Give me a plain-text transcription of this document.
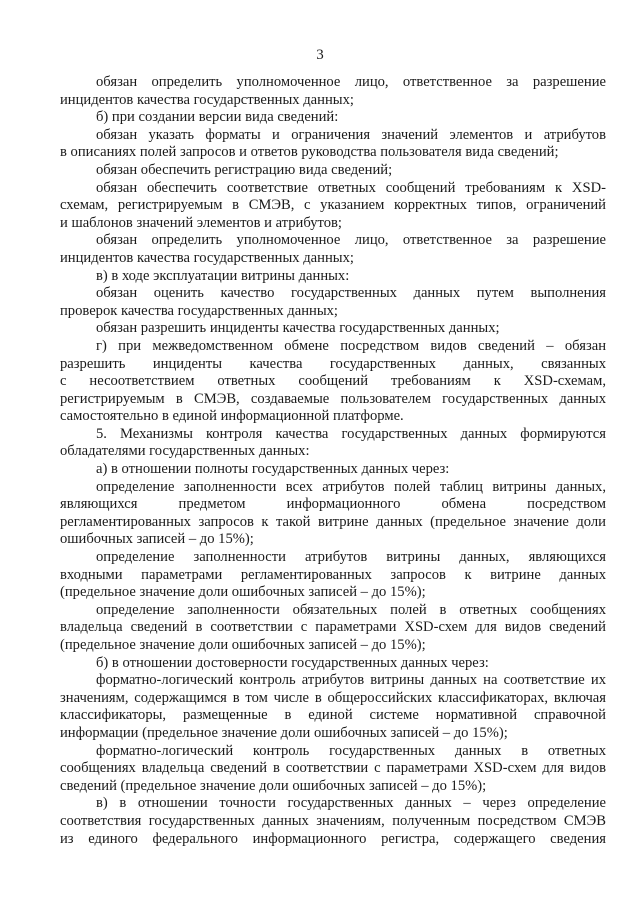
3
обязан определить уполномоченное лицо, ответственное за разрешение
инцидентов качества государственных данных;
б) при создании версии вида сведений:
обязан указать форматы и ограничения значений элементов и атрибутов
в описаниях полей запросов и ответов руководства пользователя вида сведений;
обязан обеспечить регистрацию вида сведений;
обязан обеспечить соответствие ответных сообщений требованиям к XSD-
схемам, регистрируемым в СМЭВ, с указанием корректных типов, ограничений
и шаблонов значений элементов и атрибутов;
обязан определить уполномоченное лицо, ответственное за разрешение
инцидентов качества государственных данных;
в) в ходе эксплуатации витрины данных:
обязан оценить качество государственных данных путем выполнения
проверок качества государственных данных;
обязан разрешить инциденты качества государственных данных;
г) при межведомственном обмене посредством видов сведений – обязан
разрешить инциденты качества государственных данных, связанных
с несоответствием ответных сообщений требованиям к XSD-схемам,
регистрируемым в СМЭВ, создаваемые пользователем государственных данных
самостоятельно в единой информационной платформе.
5. Механизмы контроля качества государственных данных формируются
обладателями государственных данных:
а) в отношении полноты государственных данных через:
определение заполненности всех атрибутов полей таблиц витрины данных,
являющихся предметом информационного обмена посредством
регламентированных запросов к такой витрине данных (предельное значение доли
ошибочных записей – до 15%);
определение заполненности атрибутов витрины данных, являющихся
входными параметрами регламентированных запросов к витрине данных
(предельное значение доли ошибочных записей – до 15%);
определение заполненности обязательных полей в ответных сообщениях
владельца сведений в соответствии с параметрами XSD-схем для видов сведений
(предельное значение доли ошибочных записей – до 15%);
б) в отношении достоверности государственных данных через:
форматно-логический контроль атрибутов витрины данных на соответствие их
значениям, содержащимся в том числе в общероссийских классификаторах, включая
классификаторы, размещенные в единой системе нормативной справочной
информации (предельное значение доли ошибочных записей – до 15%);
форматно-логический контроль государственных данных в ответных
сообщениях владельца сведений в соответствии с параметрами XSD-схем для видов
сведений (предельное значение доли ошибочных записей – до 15%);
в) в отношении точности государственных данных – через определение
соответствия государственных данных значениям, полученным посредством СМЭВ
из единого федерального информационного регистра, содержащего сведения
